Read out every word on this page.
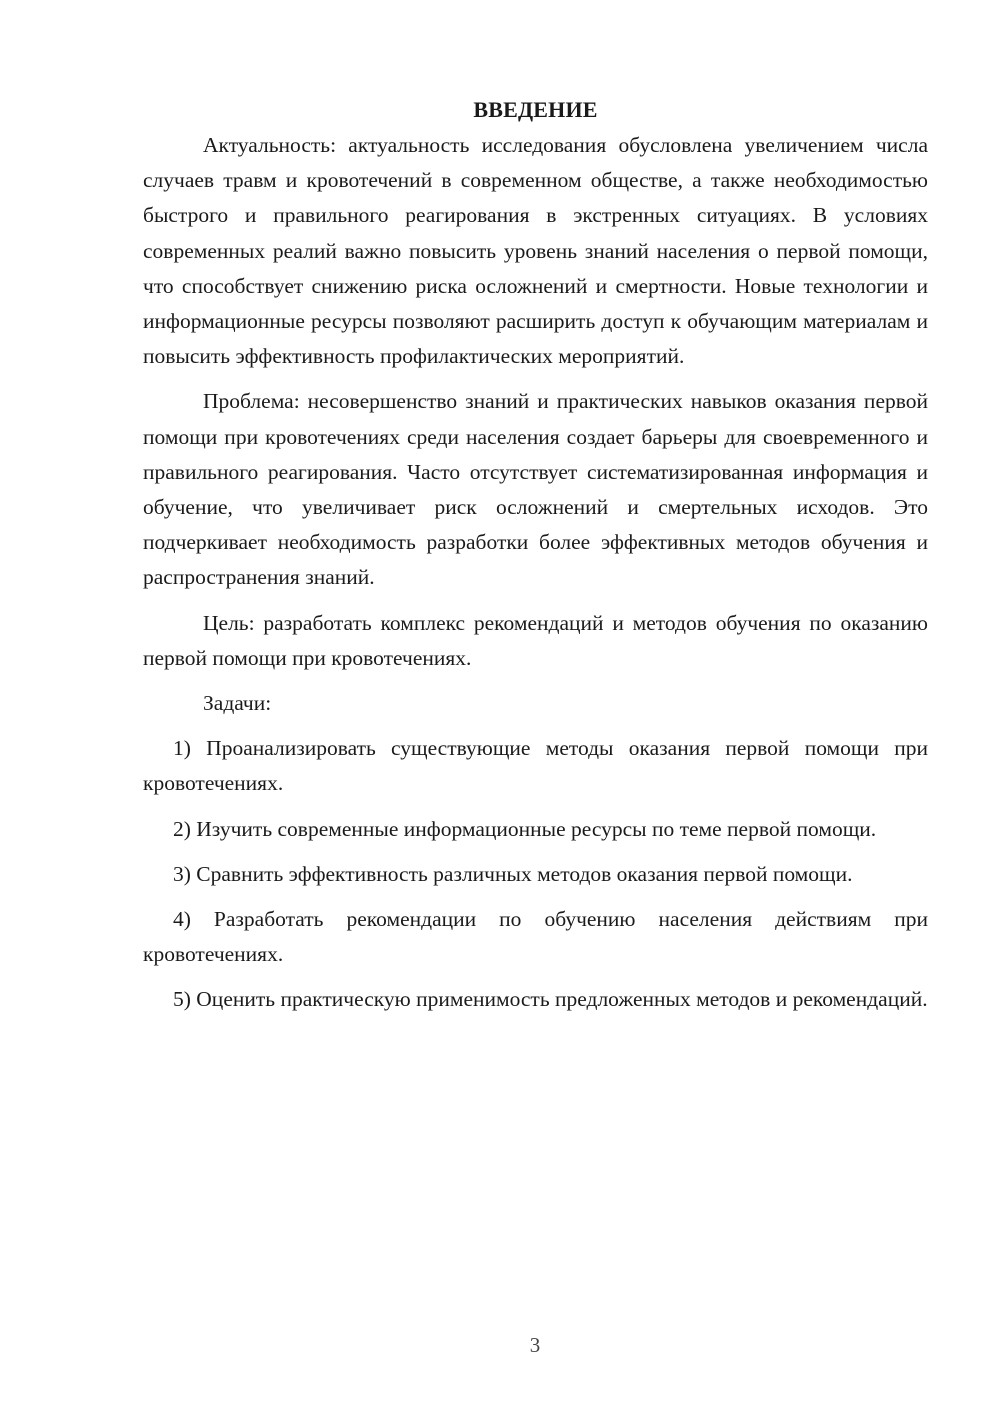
ВВЕДЕНИЕ

Актуальность: актуальность исследования обусловлена увеличением числа случаев травм и кровотечений в современном обществе, а также необходимостью быстрого и правильного реагирования в экстренных ситуациях. В условиях современных реалий важно повысить уровень знаний населения о первой помощи, что способствует снижению риска осложнений и смертности. Новые технологии и информационные ресурсы позволяют расширить доступ к обучающим материалам и повысить эффективность профилактических мероприятий.

Проблема: несовершенство знаний и практических навыков оказания первой помощи при кровотечениях среди населения создает барьеры для своевременного и правильного реагирования. Часто отсутствует систематизированная информация и обучение, что увеличивает риск осложнений и смертельных исходов. Это подчеркивает необходимость разработки более эффективных методов обучения и распространения знаний.

Цель: разработать комплекс рекомендаций и методов обучения по оказанию первой помощи при кровотечениях.

Задачи:

1) Проанализировать существующие методы оказания первой помощи при кровотечениях.

2) Изучить современные информационные ресурсы по теме первой помощи.

3) Сравнить эффективность различных методов оказания первой помощи.

4) Разработать рекомендации по обучению населения действиям при кровотечениях.

5) Оценить практическую применимость предложенных методов и рекомендаций.

3
